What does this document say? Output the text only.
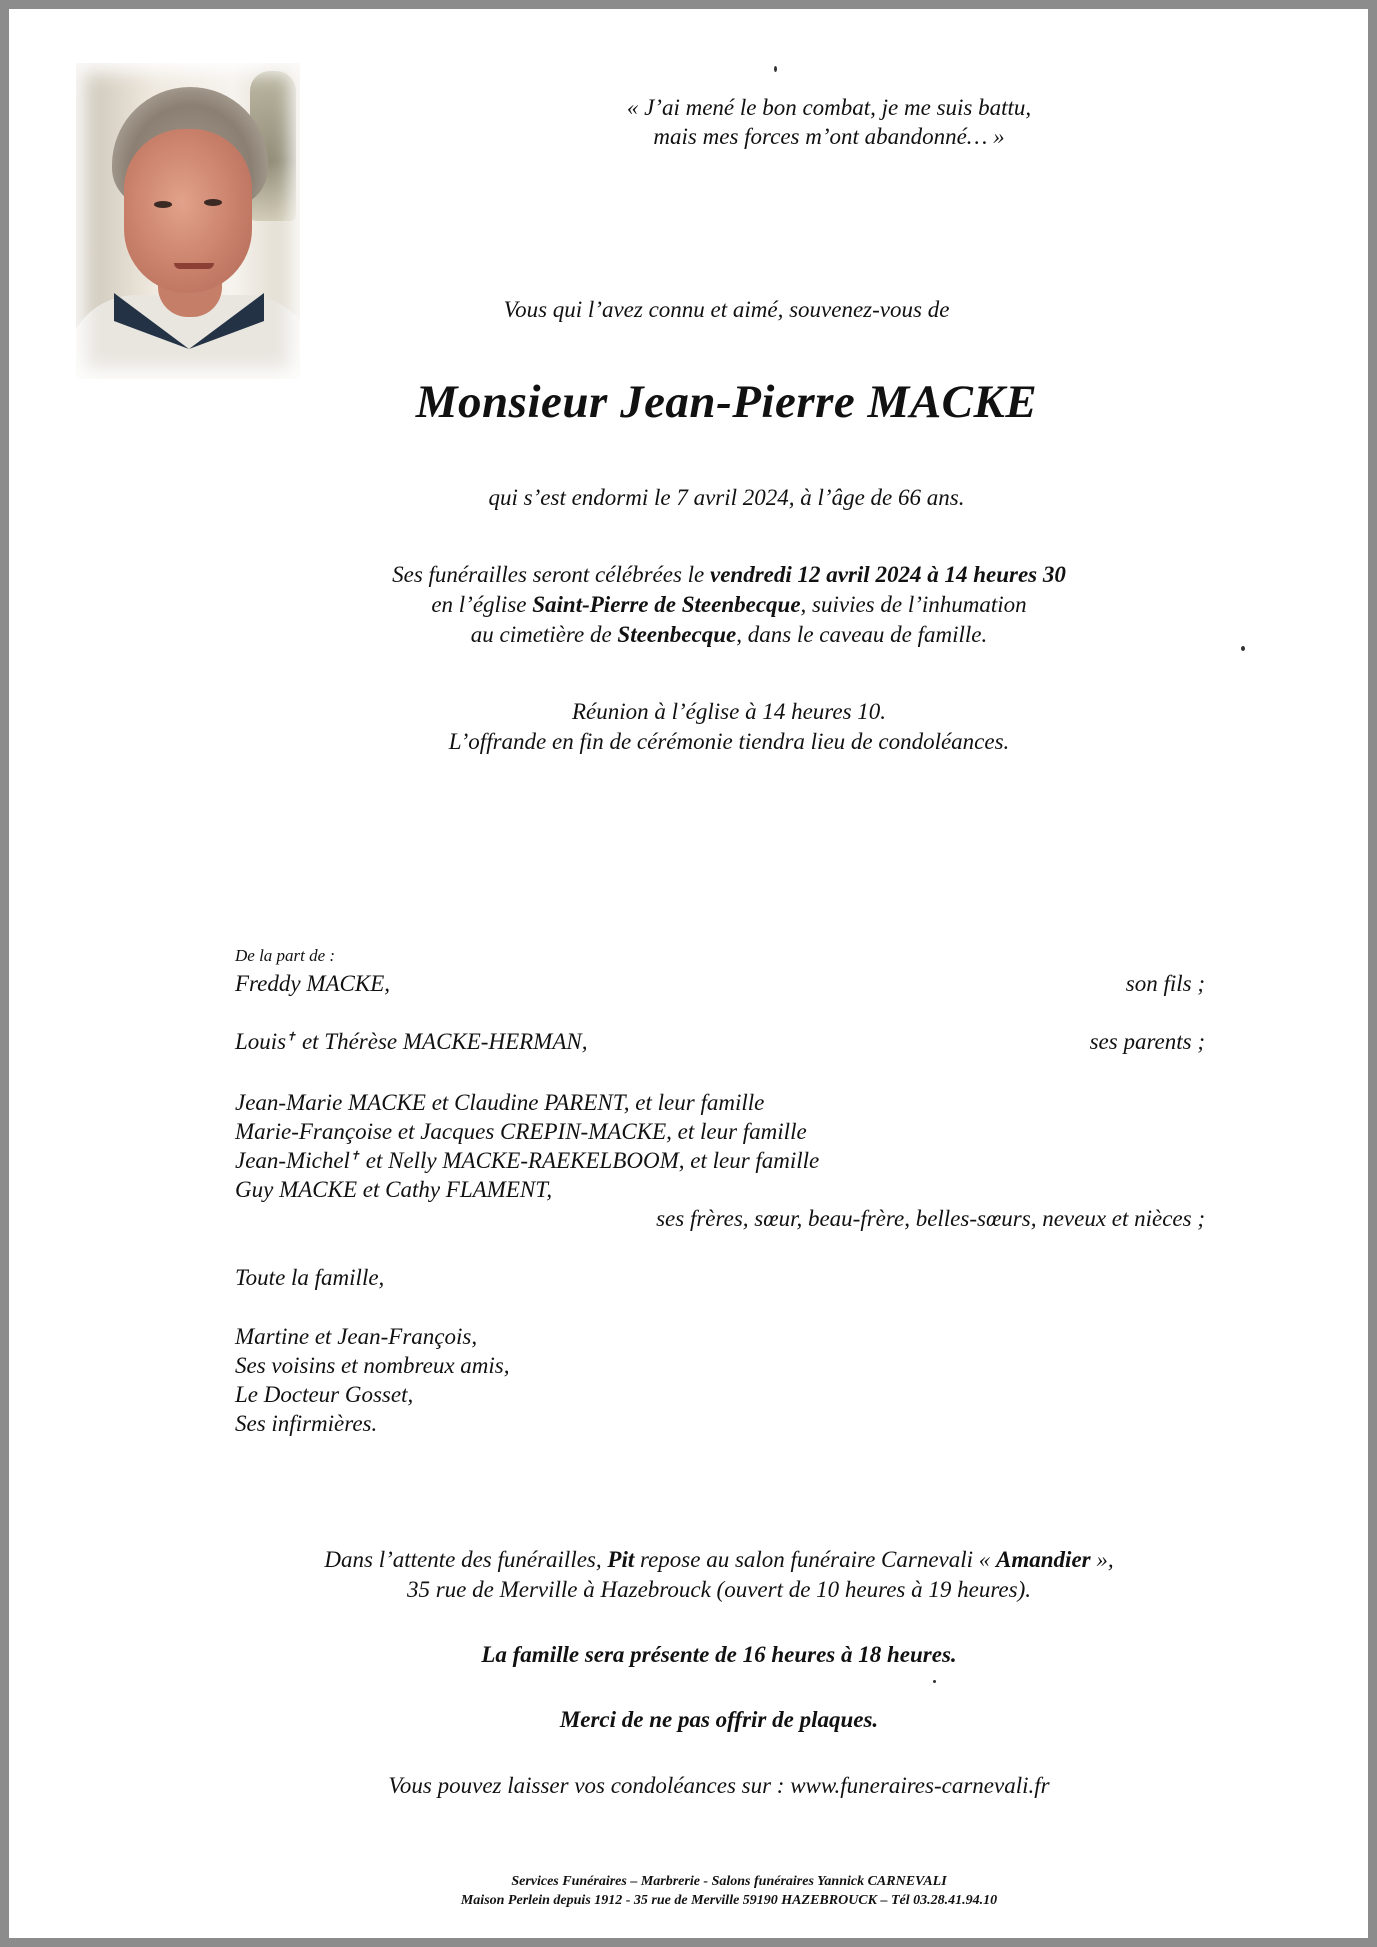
« J’ai mené le bon combat, je me suis battu,
mais mes forces m’ont abandonné… »
Vous qui l’avez connu et aimé, souvenez-vous de
Monsieur Jean-Pierre MACKE
qui s’est endormi le 7 avril 2024, à l’âge de 66 ans.
Ses funérailles seront célébrées le vendredi 12 avril 2024 à 14 heures 30
en l’église Saint-Pierre de Steenbecque, suivies de l’inhumation
au cimetière de Steenbecque, dans le caveau de famille.
Réunion à l’église à 14 heures 10.
L’offrande en fin de cérémonie tiendra lieu de condoléances.
De la part de :
Freddy MACKE,	son fils ;
Louis✝ et Thérèse MACKE-HERMAN,	ses parents ;
Jean-Marie MACKE et Claudine PARENT, et leur famille
Marie-Françoise et Jacques CREPIN-MACKE, et leur famille
Jean-Michel✝ et Nelly MACKE-RAEKELBOOM, et leur famille
Guy MACKE et Cathy FLAMENT,
ses frères, sœur, beau-frère, belles-sœurs, neveux et nièces ;
Toute la famille,
Martine et Jean-François,
Ses voisins et nombreux amis,
Le Docteur Gosset,
Ses infirmières.
Dans l’attente des funérailles, Pit repose au salon funéraire Carnevali « Amandier »,
35 rue de Merville à Hazebrouck (ouvert de 10 heures à 19 heures).
La famille sera présente de 16 heures à 18 heures.
Merci de ne pas offrir de plaques.
Vous pouvez laisser vos condoléances sur : www.funeraires-carnevali.fr
Services Funéraires – Marbrerie - Salons funéraires Yannick CARNEVALI
Maison Perlein depuis 1912 - 35 rue de Merville 59190 HAZEBROUCK – Tél 03.28.41.94.10
